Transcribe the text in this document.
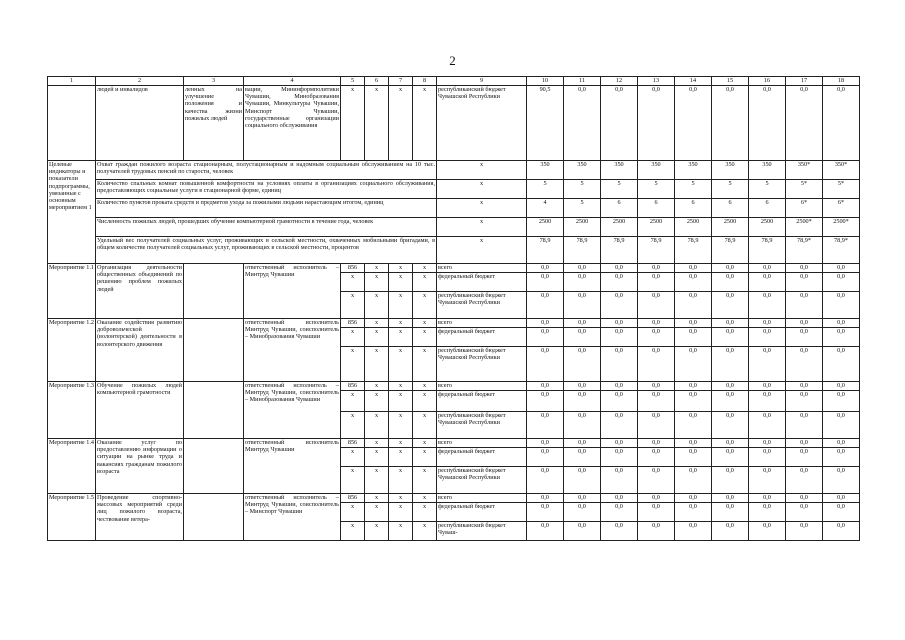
2
1	2	3	4	5	6	7	8	9	10	11	12	13	14	15	16	17	18
	людей и инвалидов	ленных на улучшение положения и качества жизни пожилых людей	вации, Мининформполитики Чувашии, Минобразования Чувашии, Минкультуры Чувашии, Минспорт Чувашии, государственные организации социального обслуживания	х	х	х	х	республиканский бюджет Чувашской Республики	90,5	0,0	0,0	0,0	0,0	0,0	0,0	0,0	0,0
Целевые индикаторы и показатели подпрограммы, увязанные с основным мероприятием 1	Охват граждан пожилого возраста стационарным, полустационарным и надомным социальным обслуживанием на 10 тыс. получателей трудовых пенсий по старости, человек							х	350	350	350	350	350	350	350	350*	350*
	Количество спальных комнат повышенной комфортности на условиях оплаты в организациях социального обслуживания, предоставляющих социальные услуги в стационарной форме, единиц							х	5	5	5	5	5	5	5	5*	5*
	Количество пунктов проката средств и предметов ухода за пожилыми людьми нарастающим итогом, единиц							х	4	5	6	6	6	6	6	6*	6*
	Численность пожилых людей, прошедших обучение компьютерной грамотности в течение года, человек							х	2500	2500	2500	2500	2500	2500	2500	2500*	2500*
	Удельный вес получателей социальных услуг, проживающих в сельской местности, охваченных мобильными бригадами, в общем количестве получателей социальных услуг, проживающих в сельской местности, процентов							х	78,9	78,9	78,9	78,9	78,9	78,9	78,9	78,9*	78,9*
Мероприятие 1.1	Организация деятельности общественных объединений по решению проблем пожилых людей		ответственный исполнитель – Минтруд Чувашии	856	х	х	х	всего	0,0	0,0	0,0	0,0	0,0	0,0	0,0	0,0	0,0
				х	х	х	х	федеральный бюджет	0,0	0,0	0,0	0,0	0,0	0,0	0,0	0,0	0,0
				х	х	х	х	республиканский бюджет Чувашской Республики	0,0	0,0	0,0	0,0	0,0	0,0	0,0	0,0	0,0
Мероприятие 1.2	Оказание содействия развитию добровольческой (волонтерской) деятельности в волонтерского движения		ответственный исполнитель Минтруд Чувашии, соисполнитель – Минобразования Чувашии	856	х	х	х	всего	0,0	0,0	0,0	0,0	0,0	0,0	0,0	0,0	0,0
				х	х	х	х	федеральный бюджет	0,0	0,0	0,0	0,0	0,0	0,0	0,0	0,0	0,0
				х	х	х	х	республиканский бюджет Чувашской Республики	0,0	0,0	0,0	0,0	0,0	0,0	0,0	0,0	0,0
Мероприятие 1.3	Обучение пожилых людей компьютерной грамотности		ответственный исполнитель – Минтруд Чувашии, соисполнитель – Минобразования Чувашии	856	х	х	х	всего	0,0	0,0	0,0	0,0	0,0	0,0	0,0	0,0	0,0
				х	х	х	х	федеральный бюджет	0,0	0,0	0,0	0,0	0,0	0,0	0,0	0,0	0,0
				х	х	х	х	республиканский бюджет Чувашской Республики	0,0	0,0	0,0	0,0	0,0	0,0	0,0	0,0	0,0
Мероприятие 1.4	Оказание услуг по предоставлению информации о ситуации на рынке труда и вакансиях гражданам пожилого возраста		ответственный исполнитель Минтруд Чувашии	856	х	х	х	всего	0,0	0,0	0,0	0,0	0,0	0,0	0,0	0,0	0,0
				х	х	х	х	федеральный бюджет	0,0	0,0	0,0	0,0	0,0	0,0	0,0	0,0	0,0
				х	х	х	х	республиканский бюджет Чувашской Республики	0,0	0,0	0,0	0,0	0,0	0,0	0,0	0,0	0,0
Мероприятие 1.5	Проведение спортивно-массовых мероприятий среди лиц пожилого возраста, чествование ветера-		ответственный исполнитель – Минтруд Чувашии, соисполнитель – Минспорт Чувашии	856	х	х	х	всего	0,0	0,0	0,0	0,0	0,0	0,0	0,0	0,0	0,0
				х	х	х	х	федеральный бюджет	0,0	0,0	0,0	0,0	0,0	0,0	0,0	0,0	0,0
				х	х	х	х	республиканский бюджет Чуваш-	0,0	0,0	0,0	0,0	0,0	0,0	0,0	0,0	0,0
